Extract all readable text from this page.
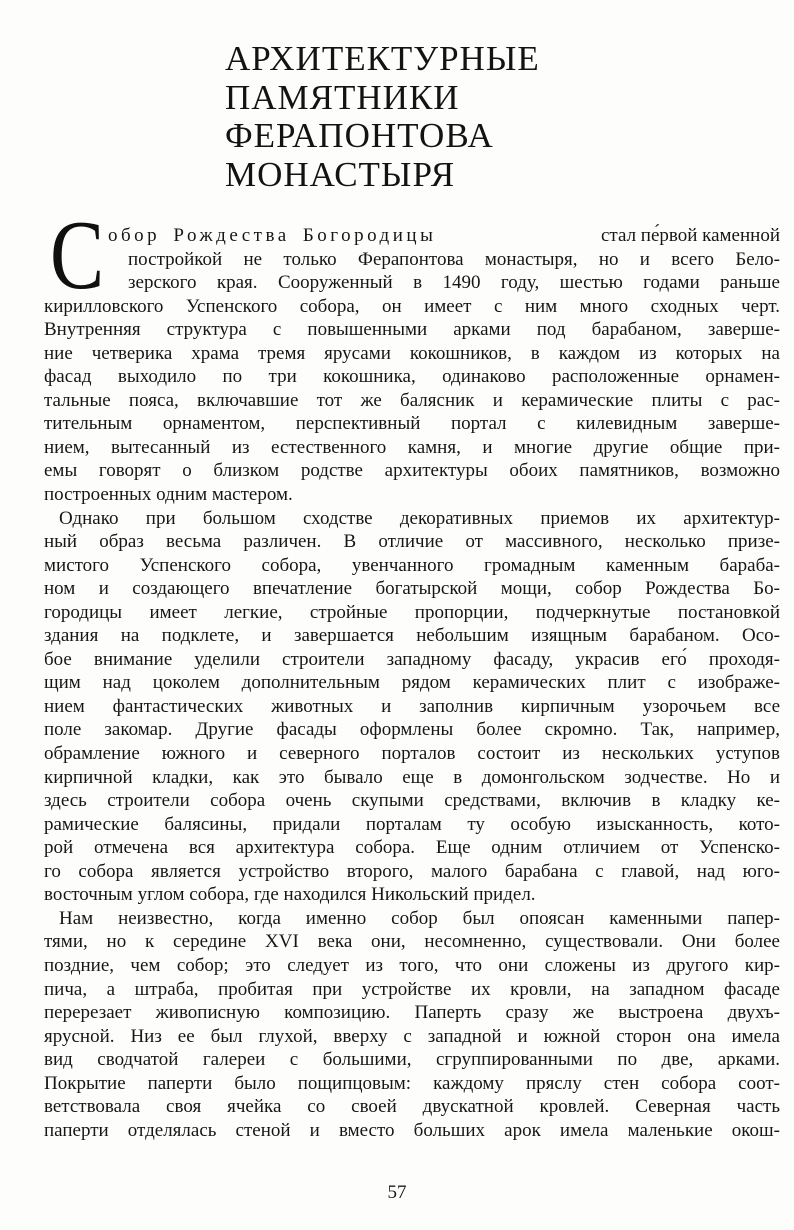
АРХИТЕКТУРНЫЕ
ПАМЯТНИКИ
ФЕРАПОНТОВА
МОНАСТЫРЯ
С обор Рождества Богородицы	стал пе́рвой каменной
постройкой не только Ферапонтова монастыря, но и всего Бело-
зерского края. Сооруженный в 1490 году, шестью годами раньше
кирилловского Успенского собора, он имеет с ним много сходных черт.
Внутренняя структура с повышенными арками под барабаном, заверше-
ние четверика храма тремя ярусами кокошников, в каждом из которых на
фасад выходило по три кокошника, одинаково расположенные орнамен-
тальные пояса, включавшие тот же балясник и керамические плиты с рас-
тительным орнаментом, перспективный портал с килевидным заверше-
нием, вытесанный из естественного камня, и многие другие общие при-
емы говорят о близком родстве архитектуры обоих памятников, возможно
построенных одним мастером.
Однако при большом сходстве декоративных приемов их архитектур-
ный образ весьма различен. В отличие от массивного, несколько призе-
мистого Успенского собора, увенчанного громадным каменным бараба-
ном и создающего впечатление богатырской мощи, собор Рождества Бо-
городицы имеет легкие, стройные пропорции, подчеркнутые постановкой
здания на подклете, и завершается небольшим изящным барабаном. Осо-
бое внимание уделили строители западному фасаду, украсив его́ проходя-
щим над цоколем дополнительным рядом керамических плит с изображе-
нием фантастических животных и заполнив кирпичным узорочьем все
поле закомар. Другие фасады оформлены более скромно. Так, например,
обрамление южного и северного порталов состоит из нескольких уступов
кирпичной кладки, как это бывало еще в домонгольском зодчестве. Но и
здесь строители собора очень скупыми средствами, включив в кладку ке-
рамические балясины, придали порталам ту особую изысканность, кото-
рой отмечена вся архитектура собора. Еще одним отличием от Успенско-
го собора является устройство второго, малого барабана с главой, над юго-
восточным углом собора, где находился Никольский придел.
Нам неизвестно, когда именно собор был опоясан каменными папер-
тями, но к середине XVI века они, несомненно, существовали. Они более
поздние, чем собор; это следует из того, что они сложены из другого кир-
пича, а штраба, пробитая при устройстве их кровли, на западном фасаде
перерезает живописную композицию. Паперть сразу же выстроена двухъ-
ярусной. Низ ее был глухой, вверху с западной и южной сторон она имела
вид сводчатой галереи с большими, сгруппированными по две, арками.
Покрытие паперти было пощипцовым: каждому пряслу стен собора соот-
ветствовала своя ячейка со своей двускатной кровлей. Северная часть
паперти отделялась стеной и вместо больших арок имела маленькие окош-
57
